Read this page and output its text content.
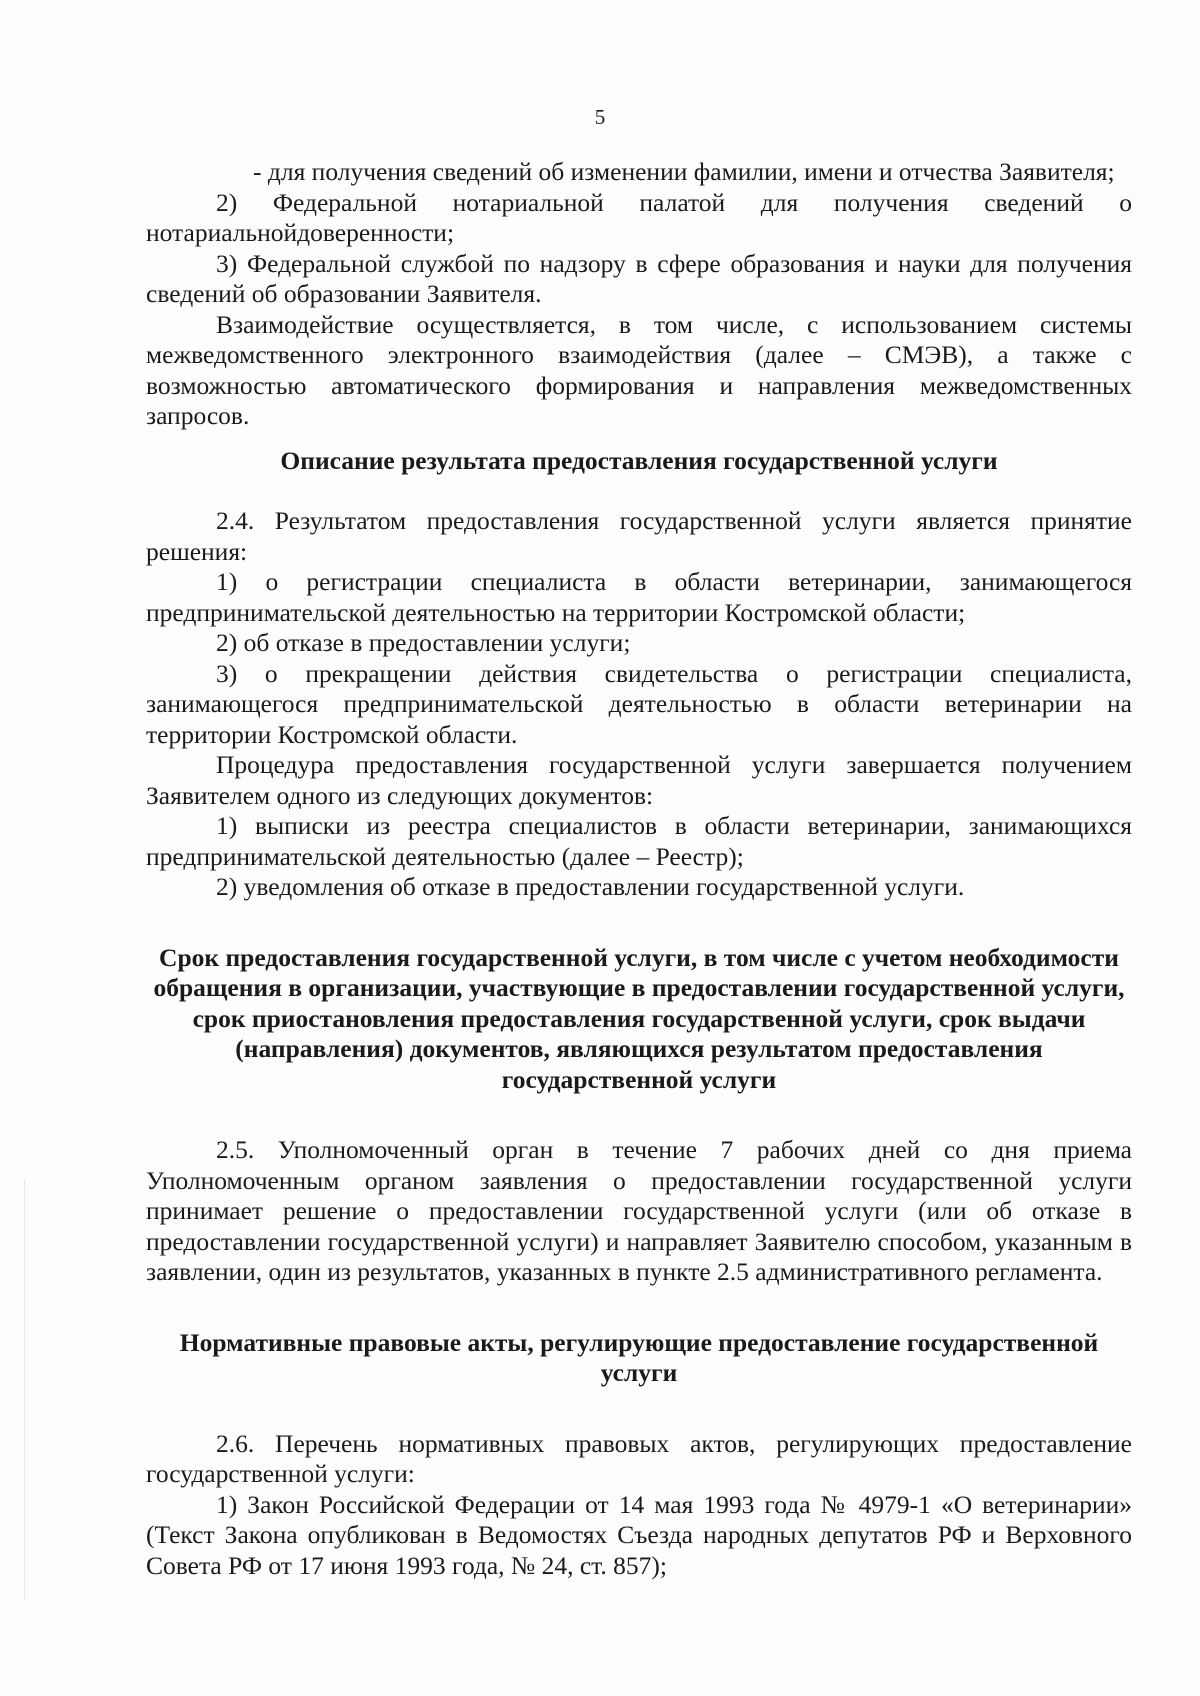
5

- для получения сведений об изменении фамилии, имени и отчества Заявителя;

2) Федеральной нотариальной палатой для получения сведений о нотариальнойдоверенности;

3) Федеральной службой по надзору в сфере образования и науки для получения сведений об образовании Заявителя.

Взаимодействие осуществляется, в том числе, с использованием системы межведомственного электронного взаимодействия (далее – СМЭВ), а также с возможностью автоматического формирования и направления межведомственных запросов.

Описание результата предоставления государственной услуги

2.4. Результатом предоставления государственной услуги является принятие решения:

1) о регистрации специалиста в области ветеринарии, занимающегося предпринимательской деятельностью на территории Костромской области;

2) об отказе в предоставлении услуги;

3) о прекращении действия свидетельства о регистрации специалиста, занимающегося предпринимательской деятельностью в области ветеринарии на территории Костромской области.

Процедура предоставления государственной услуги завершается получением Заявителем одного из следующих документов:

1) выписки из реестра специалистов в области ветеринарии, занимающихся предпринимательской деятельностью (далее – Реестр);

2) уведомления об отказе в предоставлении государственной услуги.

Срок предоставления государственной услуги, в том числе с учетом необходимости обращения в организации, участвующие в предоставлении государственной услуги, срок приостановления предоставления государственной услуги, срок выдачи (направления) документов, являющихся результатом предоставления государственной услуги

2.5. Уполномоченный орган в течение 7 рабочих дней со дня приема Уполномоченным органом заявления о предоставлении государственной услуги принимает решение о предоставлении государственной услуги (или об отказе в предоставлении государственной услуги) и направляет Заявителю способом, указанным в заявлении, один из результатов, указанных в пункте 2.5 административного регламента.

Нормативные правовые акты, регулирующие предоставление государственной услуги

2.6. Перечень нормативных правовых актов, регулирующих предоставление государственной услуги:

1) Закон Российской Федерации от 14 мая 1993 года № 4979-1 «О ветеринарии» (Текст Закона опубликован в Ведомостях Съезда народных депутатов РФ и Верховного Совета РФ от 17 июня 1993 года, № 24, ст. 857);
